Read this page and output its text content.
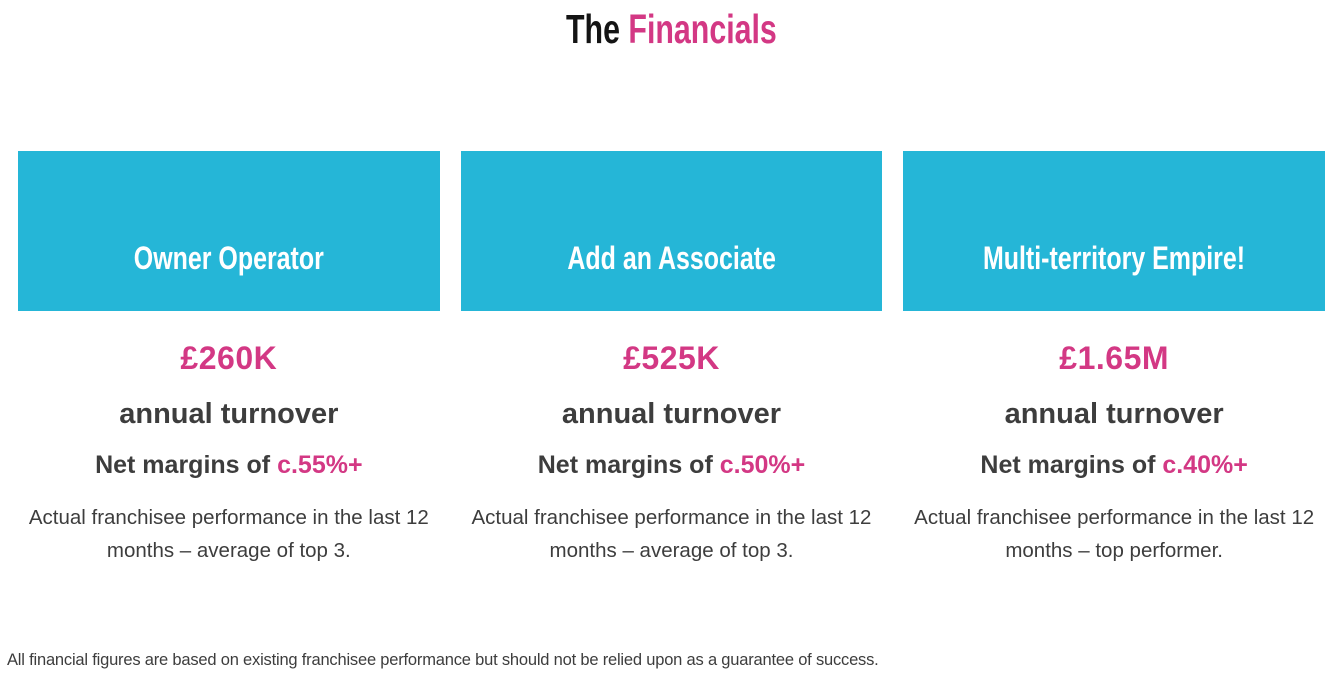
The Financials
Owner Operator
£260K
annual turnover
Net margins of c.55%+

Actual franchisee performance in the last 12 months – average of top 3.

Add an Associate
£525K
annual turnover
Net margins of c.50%+

Actual franchisee performance in the last 12 months – average of top 3.

Multi-territory Empire!
£1.65M
annual turnover
Net margins of c.40%+

Actual franchisee performance in the last 12 months – top performer.

All financial figures are based on existing franchisee performance but should not be relied upon as a guarantee of success.
